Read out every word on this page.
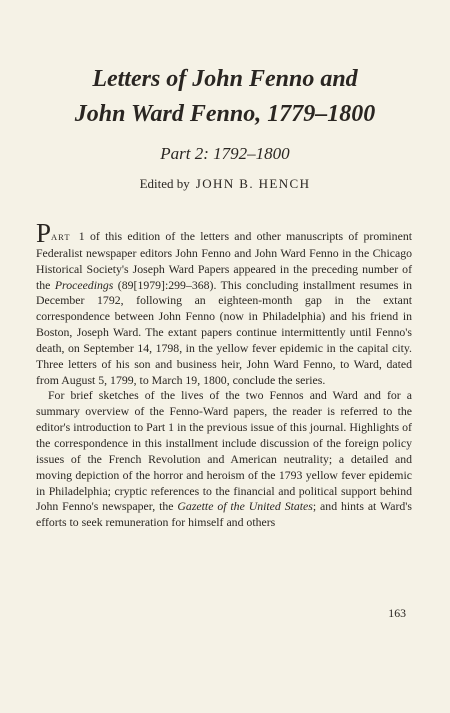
Letters of John Fenno and
John Ward Fenno, 1779–1800
Part 2: 1792–1800
Edited by JOHN B. HENCH

PART 1 of this edition of the letters and other manuscripts of prominent Federalist newspaper editors John Fenno and John Ward Fenno in the Chicago Historical Society's Joseph Ward Papers appeared in the preceding number of the Proceedings (89[1979]:299–368). This concluding installment resumes in December 1792, following an eighteen-month gap in the extant correspondence between John Fenno (now in Philadelphia) and his friend in Boston, Joseph Ward. The extant papers continue intermittently until Fenno's death, on September 14, 1798, in the yellow fever epidemic in the capital city. Three letters of his son and business heir, John Ward Fenno, to Ward, dated from August 5, 1799, to March 19, 1800, conclude the series.

For brief sketches of the lives of the two Fennos and Ward and for a summary overview of the Fenno-Ward papers, the reader is referred to the editor's introduction to Part 1 in the previous issue of this journal. Highlights of the correspondence in this installment include discussion of the foreign policy issues of the French Revolution and American neutrality; a detailed and moving depiction of the horror and heroism of the 1793 yellow fever epidemic in Philadelphia; cryptic references to the financial and political support behind John Fenno's newspaper, the Gazette of the United States; and hints at Ward's efforts to seek remuneration for himself and others

163
